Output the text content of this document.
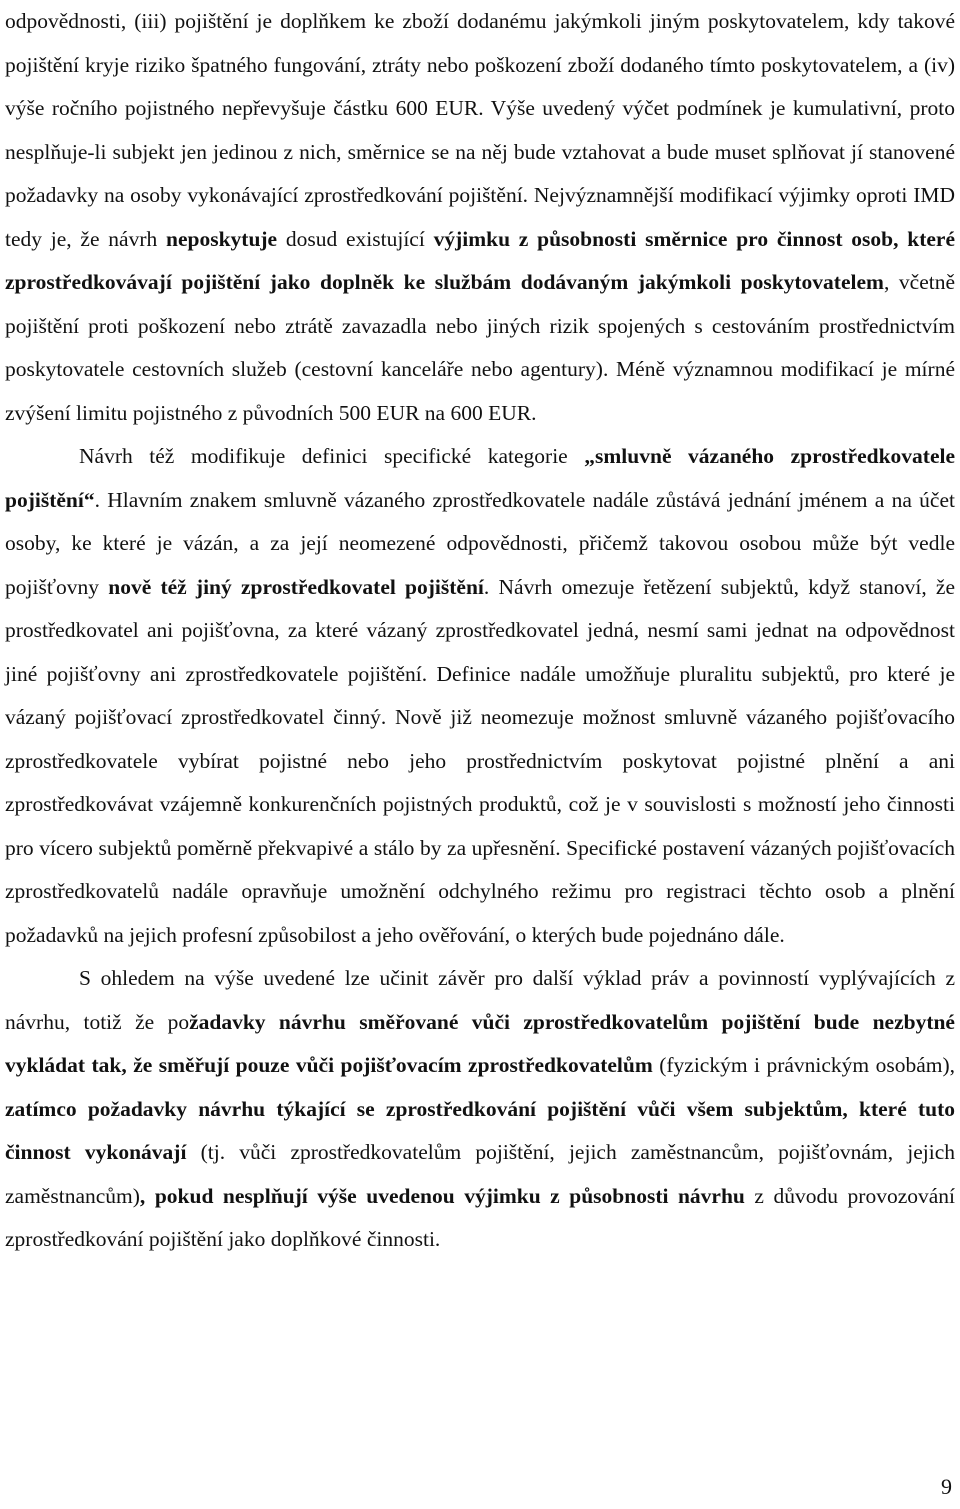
odpovědnosti, (iii) pojištění je doplňkem ke zboží dodanému jakýmkoli jiným poskytovatelem, kdy takové pojištění kryje riziko špatného fungování, ztráty nebo poškození zboží dodaného tímto poskytovatelem, a (iv) výše ročního pojistného nepřevyšuje částku 600 EUR. Výše uvedený výčet podmínek je kumulativní, proto nesplňuje-li subjekt jen jedinou z nich, směrnice se na něj bude vztahovat a bude muset splňovat jí stanovené požadavky na osoby vykonávající zprostředkování pojištění. Nejvýznamnější modifikací výjimky oproti IMD tedy je, že návrh neposkytuje dosud existující výjimku z působnosti směrnice pro činnost osob, které zprostředkovávají pojištění jako doplněk ke službám dodávaným jakýmkoli poskytovatelem, včetně pojištění proti poškození nebo ztrátě zavazadla nebo jiných rizik spojených s cestováním prostřednictvím poskytovatele cestovních služeb (cestovní kanceláře nebo agentury). Méně významnou modifikací je mírné zvýšení limitu pojistného z původních 500 EUR na 600 EUR.

Návrh též modifikuje definici specifické kategorie „smluvně vázaného zprostředkovatele pojištění“. Hlavním znakem smluvně vázaného zprostředkovatele nadále zůstává jednání jménem a na účet osoby, ke které je vázán, a za její neomezené odpovědnosti, přičemž takovou osobou může být vedle pojišťovny nově též jiný zprostředkovatel pojištění. Návrh omezuje řetězení subjektů, když stanoví, že prostředkovatel ani pojišťovna, za které vázaný zprostředkovatel jedná, nesmí sami jednat na odpovědnost jiné pojišťovny ani zprostředkovatele pojištění. Definice nadále umožňuje pluralitu subjektů, pro které je vázaný pojišťovací zprostředkovatel činný. Nově již neomezuje možnost smluvně vázaného pojišťovacího zprostředkovatele vybírat pojistné nebo jeho prostřednictvím poskytovat pojistné plnění a ani zprostředkovávat vzájemně konkurenčních pojistných produktů, což je v souvislosti s možností jeho činnosti pro vícero subjektů poměrně překvapivé a stálo by za upřesnění. Specifické postavení vázaných pojišťovacích zprostředkovatelů nadále opravňuje umožnění odchylného režimu pro registraci těchto osob a plnění požadavků na jejich profesní způsobilost a jeho ověřování, o kterých bude pojednáno dále.

S ohledem na výše uvedené lze učinit závěr pro další výklad práv a povinností vyplývajících z návrhu, totiž že požadavky návrhu směřované vůči zprostředkovatelům pojištění bude nezbytné vykládat tak, že směřují pouze vůči pojišťovacím zprostředkovatelům (fyzickým i právnickým osobám), zatímco požadavky návrhu týkající se zprostředkování pojištění vůči všem subjektům, které tuto činnost vykonávají (tj. vůči zprostředkovatelům pojištění, jejich zaměstnancům, pojišťovnám, jejich zaměstnancům), pokud nesplňují výše uvedenou výjimku z působnosti návrhu z důvodu provozování zprostředkování pojištění jako doplňkové činnosti.

9
